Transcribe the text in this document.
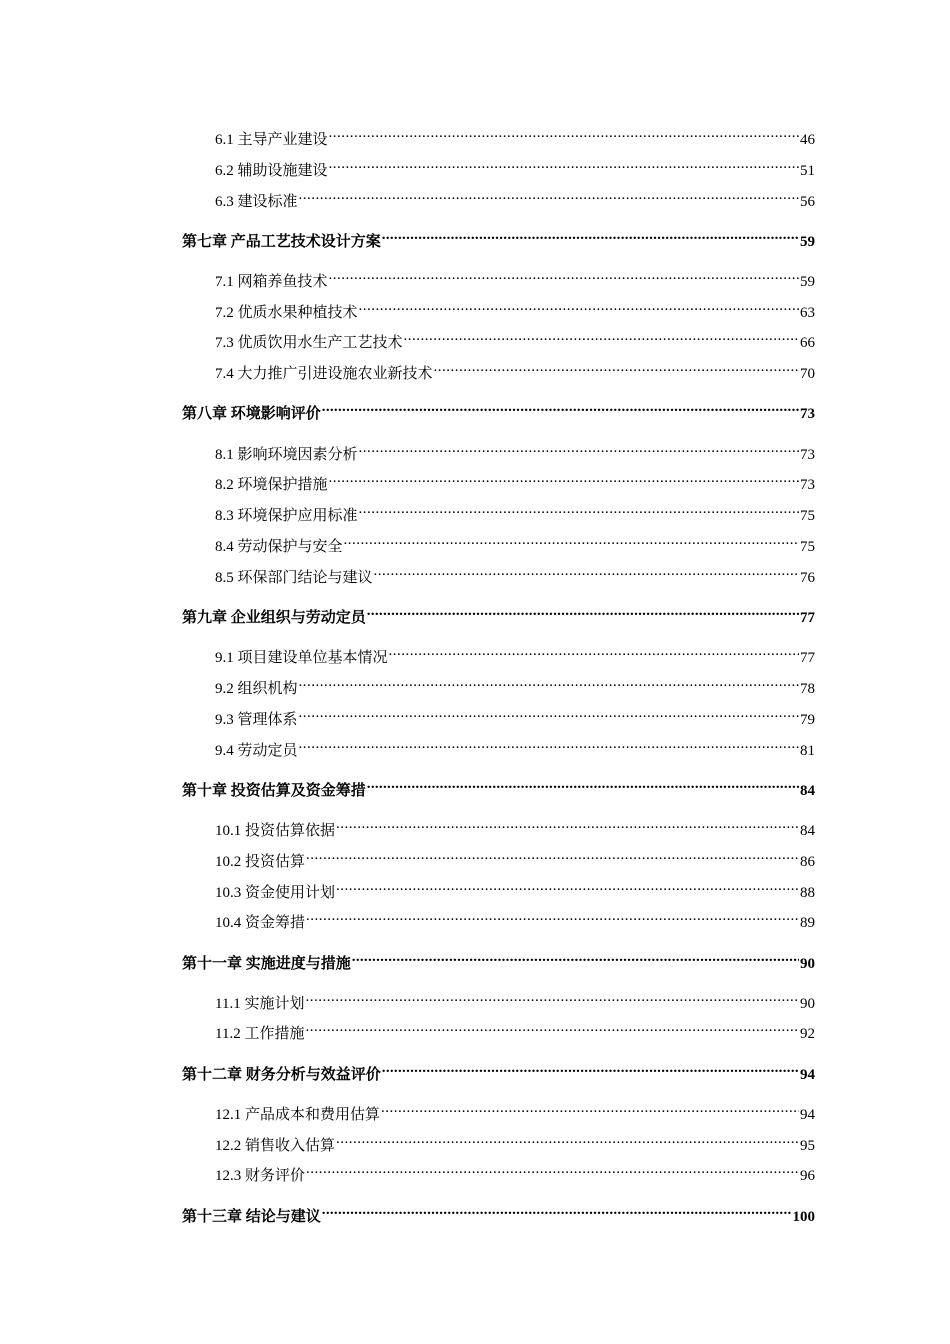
6.1 主导产业建设 .....	46
6.2 辅助设施建设 .....	51
6.3 建设标准 .....	56
第七章 产品工艺技术设计方案 .....	59
7.1 网箱养鱼技术 .....	59
7.2 优质水果种植技术 .....	63
7.3 优质饮用水生产工艺技术 .....	66
7.4 大力推广引进设施农业新技术 .....	70
第八章 环境影响评价 .....	73
8.1 影响环境因素分析 .....	73
8.2 环境保护措施 .....	73
8.3 环境保护应用标准 .....	75
8.4 劳动保护与安全 .....	75
8.5 环保部门结论与建议 .....	76
第九章 企业组织与劳动定员 .....	77
9.1 项目建设单位基本情况 .....	77
9.2 组织机构 .....	78
9.3 管理体系 .....	79
9.4 劳动定员 .....	81
第十章 投资估算及资金筹措 .....	84
10.1 投资估算依据 .....	84
10.2 投资估算 .....	86
10.3 资金使用计划 .....	88
10.4 资金筹措 .....	89
第十一章 实施进度与措施 .....	90
11.1 实施计划 .....	90
11.2 工作措施 .....	92
第十二章 财务分析与效益评价 .....	94
12.1 产品成本和费用估算 .....	94
12.2 销售收入估算 .....	95
12.3 财务评价 .....	96
第十三章 结论与建议 .....	100
